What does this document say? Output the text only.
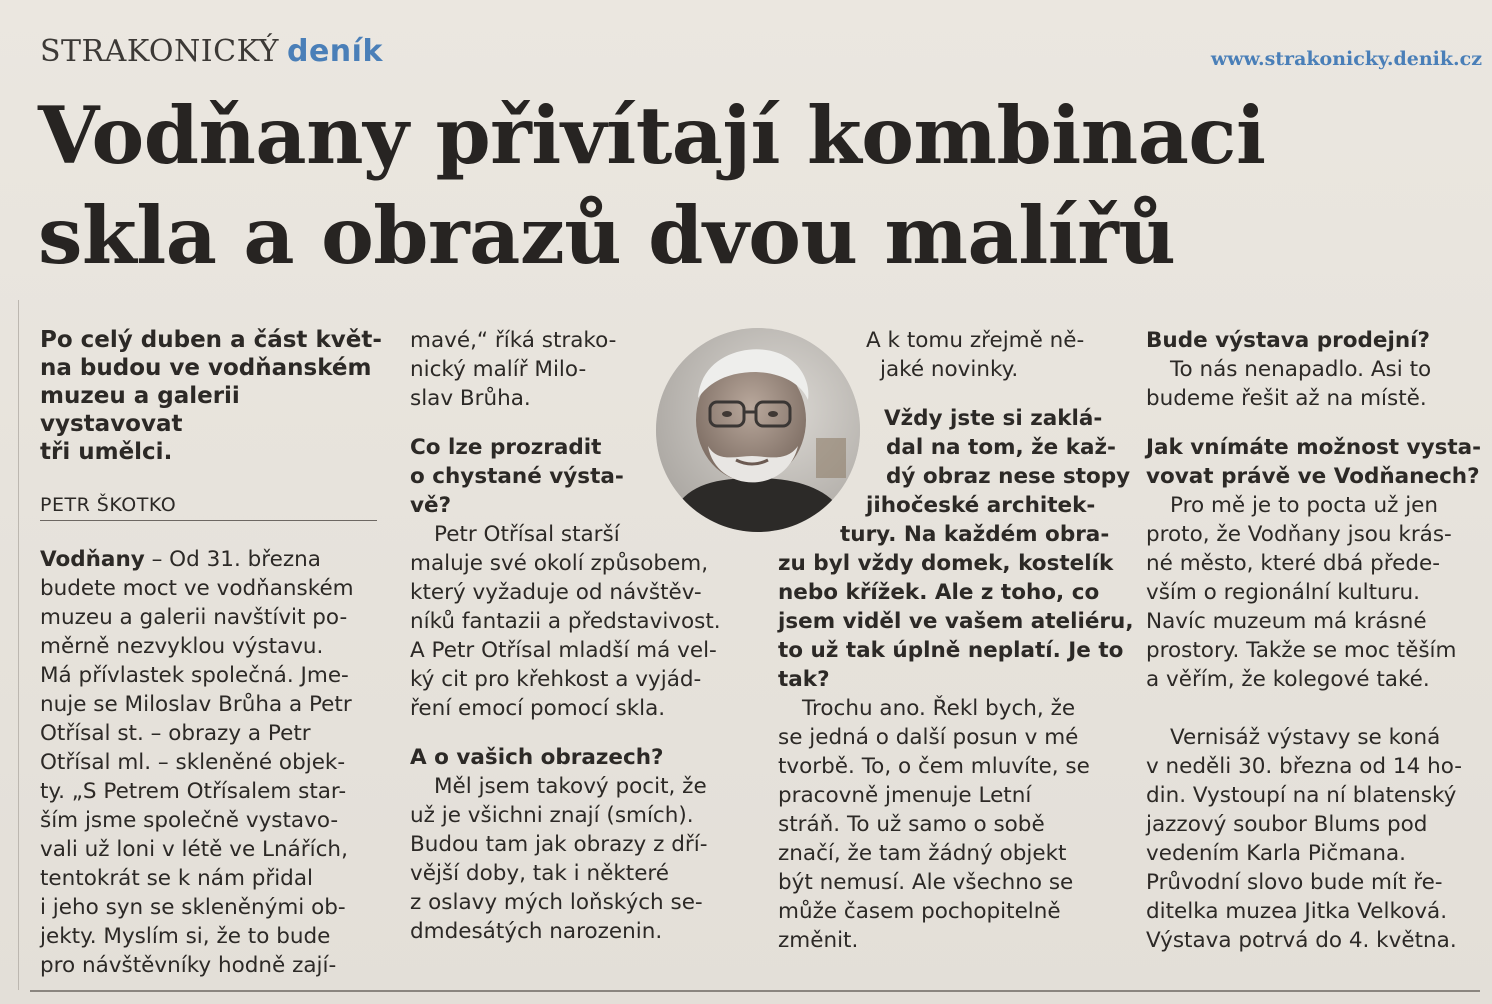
STRAKONICKÝ deník	www.strakonicky.denik.cz
Vodňany přivítají kombinaci
skla a obrazů dvou malířů
Po celý duben a část květ-
na budou ve vodňanském
muzeu a galerii vystavovat
tři umělci.
PETR ŠKOTKO
Vodňany – Od 31. března
budete moct ve vodňanském
muzeu a galerii navštívit po-
měrně nezvyklou výstavu.
Má přívlastek společná. Jme-
nuje se Miloslav Brůha a Petr
Otřísal st. – obrazy a Petr
Otřísal ml. – skleněné objek-
ty. „S Petrem Otřísalem star-
ším jsme společně vystavo-
vali už loni v létě ve Lnářích,
tentokrát se k nám přidal
i jeho syn se skleněnými ob-
jekty. Myslím si, že to bude
pro návštěvníky hodně zají-
mavé,“ říká strako-
nický malíř Milo-
slav Brůha.
Co lze prozradit
o chystané výsta-
vě?
Petr Otřísal starší
maluje své okolí způsobem,
který vyžaduje od návštěv-
níků fantazii a představivost.
A Petr Otřísal mladší má vel-
ký cit pro křehkost a vyjád-
ření emocí pomocí skla.
A o vašich obrazech?
Měl jsem takový pocit, že
už je všichni znají (smích).
Budou tam jak obrazy z dří-
vější doby, tak i některé
z oslavy mých loňských se-
dmdesátých narozenin.
A k tomu zřejmě ně-
jaké novinky.
Vždy jste si zaklá-
dal na tom, že kaž-
dý obraz nese stopy
jihočeské architek-
tury. Na každém obra-
zu byl vždy domek, kostelík
nebo křížek. Ale z toho, co
jsem viděl ve vašem ateliéru,
to už tak úplně neplatí. Je to
tak?
Trochu ano. Řekl bych, že
se jedná o další posun v mé
tvorbě. To, o čem mluvíte, se
pracovně jmenuje Letní
stráň. To už samo o sobě
značí, že tam žádný objekt
být nemusí. Ale všechno se
může časem pochopitelně
změnit.
Bude výstava prodejní?
To nás nenapadlo. Asi to
budeme řešit až na místě.
Jak vnímáte možnost vysta-
vovat právě ve Vodňanech?
Pro mě je to pocta už jen
proto, že Vodňany jsou krás-
né město, které dbá přede-
vším o regionální kulturu.
Navíc muzeum má krásné
prostory. Takže se moc těším
a věřím, že kolegové také.
Vernisáž výstavy se koná
v neděli 30. března od 14 ho-
din. Vystoupí na ní blatenský
jazzový soubor Blums pod
vedením Karla Pičmana.
Průvodní slovo bude mít ře-
ditelka muzea Jitka Velková.
Výstava potrvá do 4. května.
